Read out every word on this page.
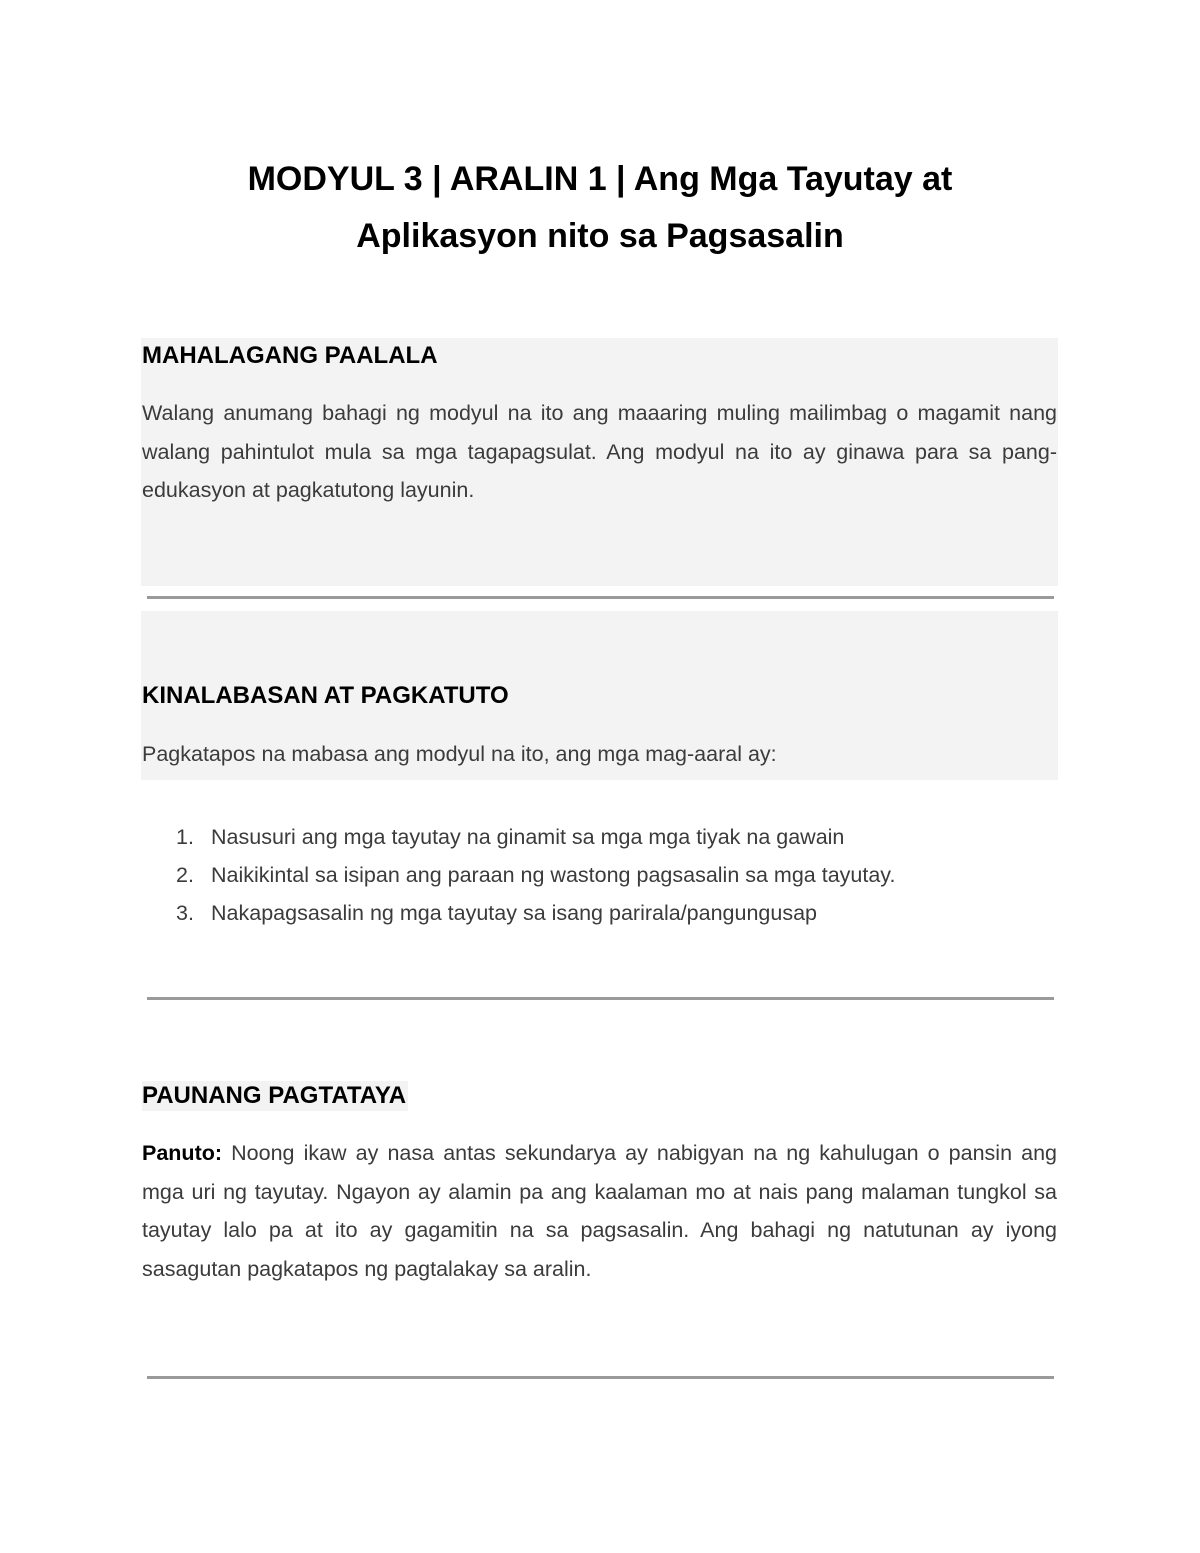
MODYUL 3 | ARALIN 1 | Ang Mga Tayutay at
Aplikasyon nito sa Pagsasalin
MAHALAGANG PAALALA

Walang anumang bahagi ng modyul na ito ang maaaring muling mailimbag o magamit nang walang pahintulot mula sa mga tagapagsulat. Ang modyul na ito ay ginawa para sa pang-edukasyon at pagkatutong layunin.

KINALABASAN AT PAGKATUTO

Pagkatapos na mabasa ang modyul na ito, ang mga mag-aaral ay:

1. Nasusuri ang mga tayutay na ginamit sa mga mga tiyak na gawain
2. Naikikintal sa isipan ang paraan ng wastong pagsasalin sa mga tayutay.
3. Nakapagsasalin ng mga tayutay sa isang parirala/pangungusap
PAUNANG PAGTATAYA

Panuto: Noong ikaw ay nasa antas sekundarya ay nabigyan na ng kahulugan o pansin ang mga uri ng tayutay. Ngayon ay alamin pa ang kaalaman mo at nais pang malaman tungkol sa tayutay lalo pa at ito ay gagamitin na sa pagsasalin. Ang bahagi ng natutunan ay iyong sasagutan pagkatapos ng pagtalakay sa aralin.
